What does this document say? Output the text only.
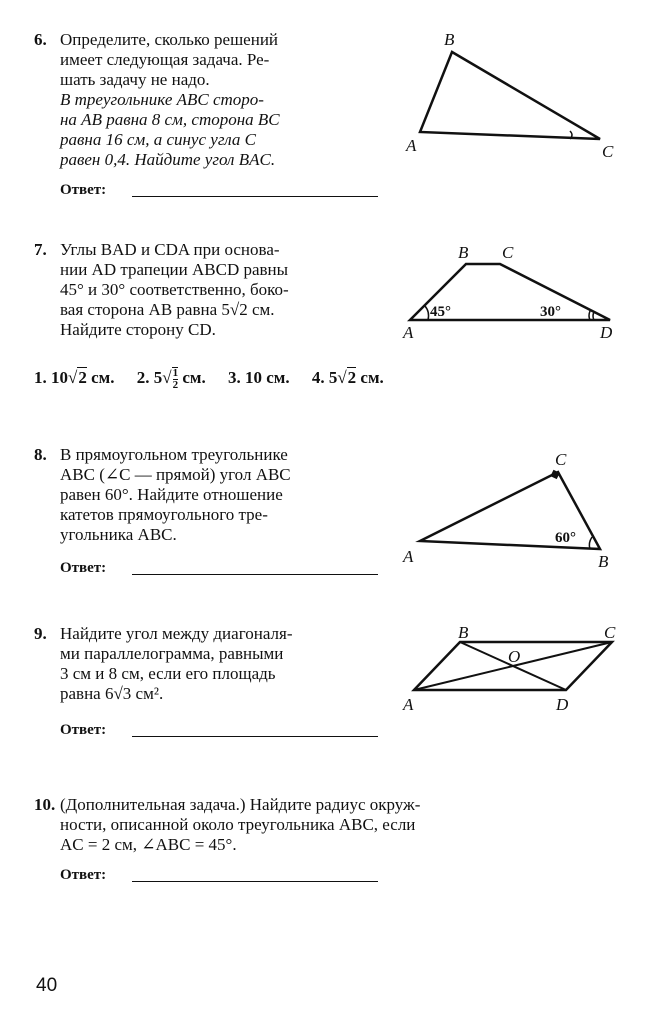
6. Определите, сколько решений
имеет следующая задача. Ре-
шать задачу не надо.
В треугольнике ABC сторо-
на AB равна 8 см, сторона BC
равна 16 см, а синус угла C
равен 0,4. Найдите угол BAC.
Ответ:
B
A	C
7. Углы BAD и CDA при основа-
нии AD трапеции ABCD равны
45° и 30° соответственно, боко-
вая сторона AB равна 5√2 см.
Найдите сторону CD.
B C
A	D
45°	30°
1. 10√2 см. 2. $5√ \frac{1}{2}$ см. 3. 10 см. 4. 5√2 см.
8. В прямоугольном треугольнике
ABC (∠C — прямой) угол ABC
равен 60°. Найдите отношение
катетов прямоугольного тре-
угольника ABC.
Ответ:
C
A	B
60°
9. Найдите угол между диагоналя-
ми параллелограмма, равными
3 см и 8 см, если его площадь
равна 6√3 см².
Ответ:
B	C
A	D
O
10. (Дополнительная задача.) Найдите радиус окруж-
ности, описанной около треугольника ABC, если
AC = 2 см, ∠ABC = 45°.
Ответ:
40
